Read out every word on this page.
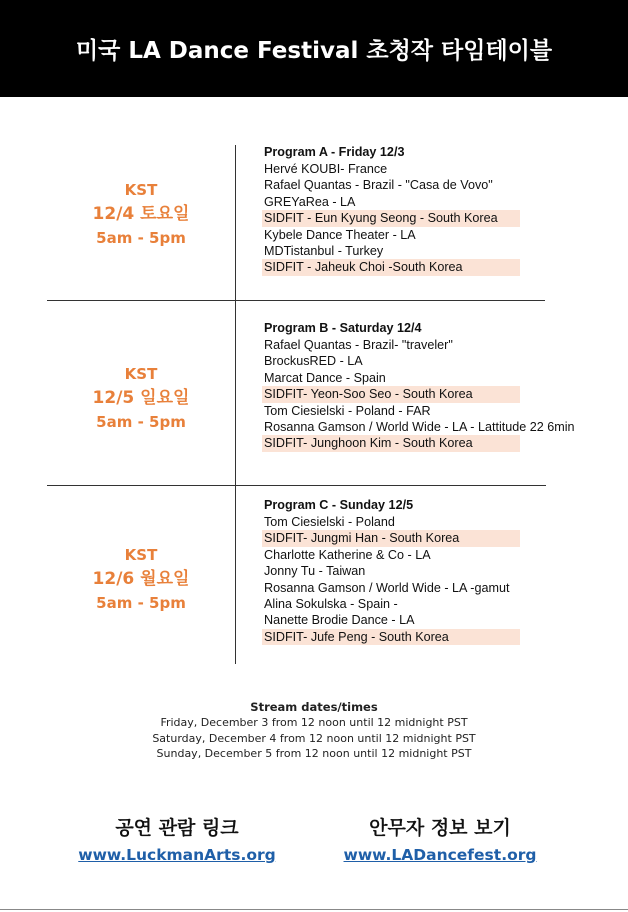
미국 LA Dance Festival 초청작 타임테이블
KST
12/4 토요일
5am - 5pm
Program A - Friday 12/3
Hervé KOUBI- France
Rafael Quantas - Brazil - "Casa de Vovo"
GREYaRea - LA
SIDFIT - Eun Kyung Seong - South Korea
Kybele Dance Theater - LA
MDTistanbul - Turkey
SIDFIT - Jaheuk Choi -South Korea
KST
12/5 일요일
5am - 5pm
Program B - Saturday 12/4
Rafael Quantas - Brazil- "traveler"
BrockusRED - LA
Marcat Dance - Spain
SIDFIT- Yeon-Soo Seo - South Korea
Tom Ciesielski - Poland - FAR
Rosanna Gamson / World Wide - LA - Lattitude 22 6min
SIDFIT- Junghoon Kim - South Korea
KST
12/6 월요일
5am - 5pm
Program C - Sunday 12/5
Tom Ciesielski - Poland
SIDFIT- Jungmi Han - South Korea
Charlotte Katherine & Co - LA
Jonny Tu - Taiwan
Rosanna Gamson / World Wide - LA -gamut
Alina Sokulska - Spain -
Nanette Brodie Dance - LA
SIDFIT- Jufe Peng - South Korea
Stream dates/times
Friday, December 3 from 12 noon until 12 midnight PST
Saturday, December 4 from 12 noon until 12 midnight PST
Sunday, December 5 from 12 noon until 12 midnight PST
공연 관람 링크
www.LuckmanArts.org
안무자 정보 보기
www.LADancefest.org
